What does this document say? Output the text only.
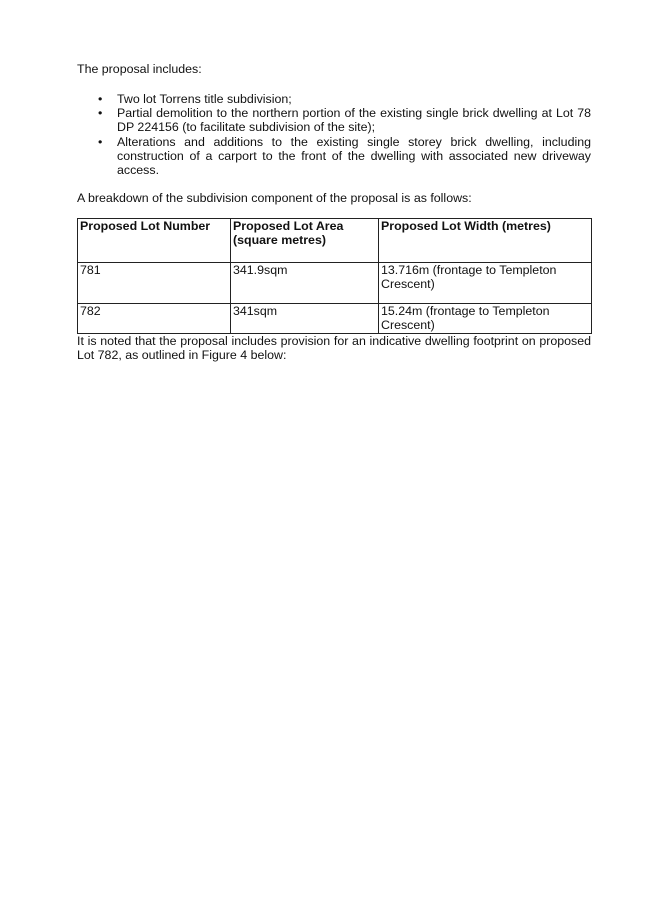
The proposal includes:

• Two lot Torrens title subdivision;
• Partial demolition to the northern portion of the existing single brick dwelling at Lot 78 DP 224156 (to facilitate subdivision of the site);
• Alterations and additions to the existing single storey brick dwelling, including construction of a carport to the front of the dwelling with associated new driveway access.

A breakdown of the subdivision component of the proposal is as follows:

Proposed Lot Number	Proposed Lot Area (square metres)	Proposed Lot Width (metres)
781	341.9sqm	13.716m (frontage to Templeton Crescent)
782	341sqm	15.24m (frontage to Templeton Crescent)

It is noted that the proposal includes provision for an indicative dwelling footprint on proposed Lot 782, as outlined in Figure 4 below:
